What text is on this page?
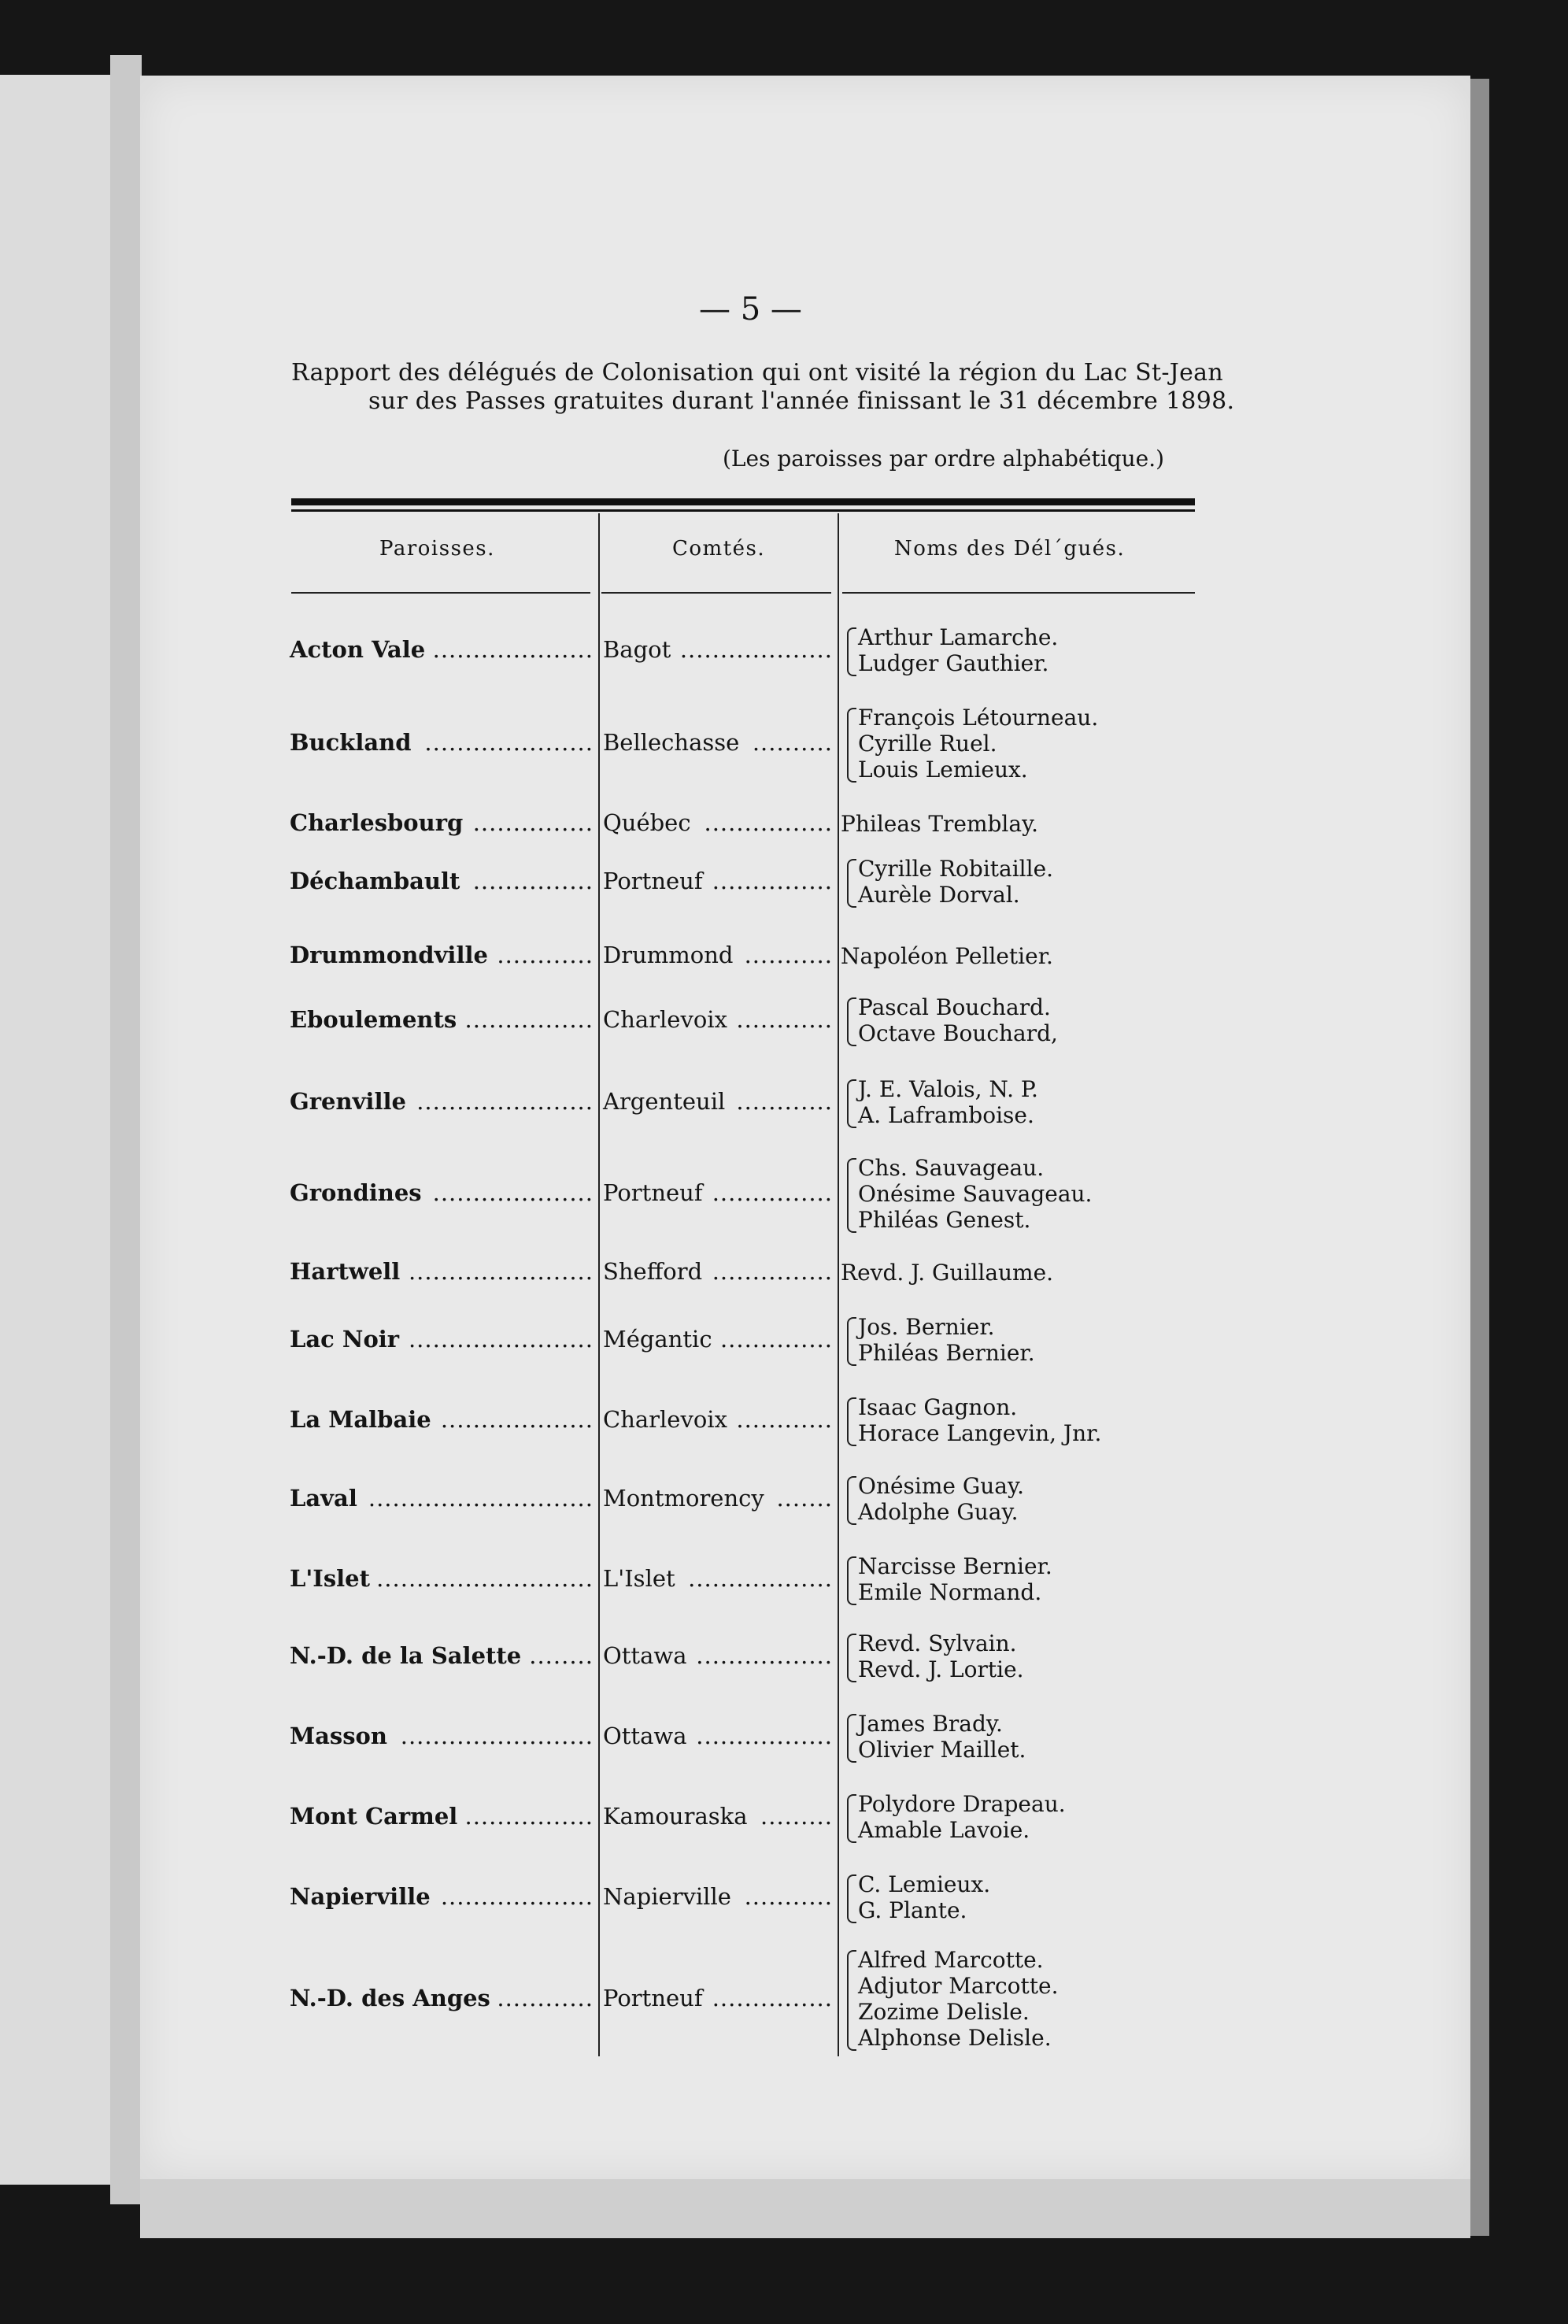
— 5 —
Rapport des délégués de Colonisation qui ont visité la région du Lac St-Jean
sur des Passes gratuites durant l'année finissant le 31 décembre 1898.
(Les paroisses par ordre alphabétique.)
Paroisses.	Comtés.	Noms des Dél´gués.
Acton Vale .................... Bagot ................... Arthur Lamarche.
Ludger Gauthier.
Buckland ..................... Bellechasse ..........
François Létourneau.
Cyrille Ruel.
Louis Lemieux.
Charlesbourg ............... Québec ................ Phileas Tremblay.
Déchambault ............... Portneuf ............... Cyrille Robitaille.
Aurèle Dorval.
Drummondville ............ Drummond ........... Napoléon Pelletier.
Eboulements ................ Charlevoix ............ Pascal Bouchard.
Octave Bouchard,
Grenville ...................... Argenteuil ............ J. E. Valois, N. P.
A. Laframboise.
Grondines .................... Portneuf ...............
Chs. Sauvageau.
Onésime Sauvageau.
Philéas Genest.
Hartwell ....................... Shefford ............... Revd. J. Guillaume.
Lac Noir ....................... Mégantic .............. Jos. Bernier.
Philéas Bernier.
La Malbaie ................... Charlevoix ............ Isaac Gagnon.
Horace Langevin, Jnr.
Laval ............................ Montmorency ....... Onésime Guay.
Adolphe Guay.
L'Islet ........................... L'Islet .................. Narcisse Bernier.
Emile Normand.
N.-D. de la Salette ........ Ottawa ................. Revd. Sylvain.
Revd. J. Lortie.
Masson ........................ Ottawa ................. James Brady.
Olivier Maillet.
Mont Carmel ................ Kamouraska ......... Polydore Drapeau.
Amable Lavoie.
Napierville ................... Napierville ........... C. Lemieux.
G. Plante.
N.-D. des Anges ............ Portneuf ...............
Alfred Marcotte.
Adjutor Marcotte.
Zozime Delisle.
Alphonse Delisle.
